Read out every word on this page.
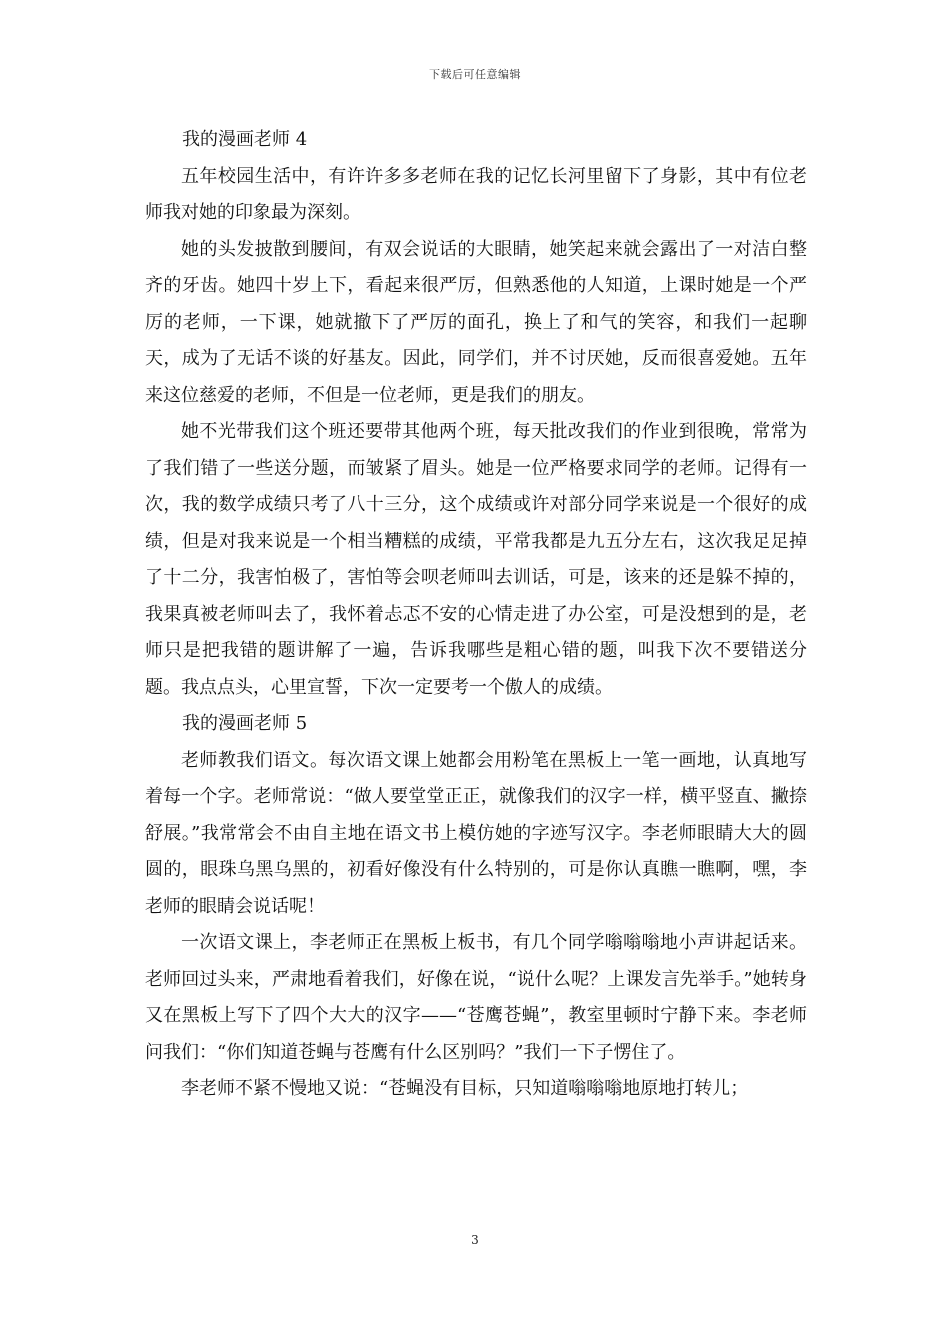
下载后可任意编辑
我的漫画老师 4

五年校园生活中，有许许多多老师在我的记忆长河里留下了身影，其中有位老师我对她的印象最为深刻。

她的头发披散到腰间，有双会说话的大眼睛，她笑起来就会露出了一对洁白整齐的牙齿。她四十岁上下，看起来很严厉，但熟悉他的人知道，上课时她是一个严厉的老师，一下课，她就撤下了严厉的面孔，换上了和气的笑容，和我们一起聊天，成为了无话不谈的好基友。因此，同学们，并不讨厌她，反而很喜爱她。五年来这位慈爱的老师，不但是一位老师，更是我们的朋友。

她不光带我们这个班还要带其他两个班，每天批改我们的作业到很晚，常常为了我们错了一些送分题，而皱紧了眉头。她是一位严格要求同学的老师。记得有一次，我的数学成绩只考了八十三分，这个成绩或许对部分同学来说是一个很好的成绩，但是对我来说是一个相当糟糕的成绩，平常我都是九五分左右，这次我足足掉了十二分，我害怕极了，害怕等会呗老师叫去训话，可是，该来的还是躲不掉的，我果真被老师叫去了，我怀着忐忑不安的心情走进了办公室，可是没想到的是，老师只是把我错的题讲解了一遍，告诉我哪些是粗心错的题，叫我下次不要错送分题。我点点头，心里宣誓，下次一定要考一个傲人的成绩。

我的漫画老师 5

老师教我们语文。每次语文课上她都会用粉笔在黑板上一笔一画地，认真地写着每一个字。老师常说：“做人要堂堂正正，就像我们的汉字一样，横平竖直、撇捺舒展。”我常常会不由自主地在语文书上模仿她的字迹写汉字。李老师眼睛大大的圆圆的，眼珠乌黑乌黑的，初看好像没有什么特别的，可是你认真瞧一瞧啊，嘿，李老师的眼睛会说话呢！

一次语文课上，李老师正在黑板上板书，有几个同学嗡嗡嗡地小声讲起话来。老师回过头来，严肃地看着我们，好像在说，“说什么呢？上课发言先举手。”她转身又在黑板上写下了四个大大的汉字——“苍鹰苍蝇”，教室里顿时宁静下来。李老师问我们：“你们知道苍蝇与苍鹰有什么区别吗？”我们一下子愣住了。

李老师不紧不慢地又说：“苍蝇没有目标，只知道嗡嗡嗡地原地打转儿；

3
